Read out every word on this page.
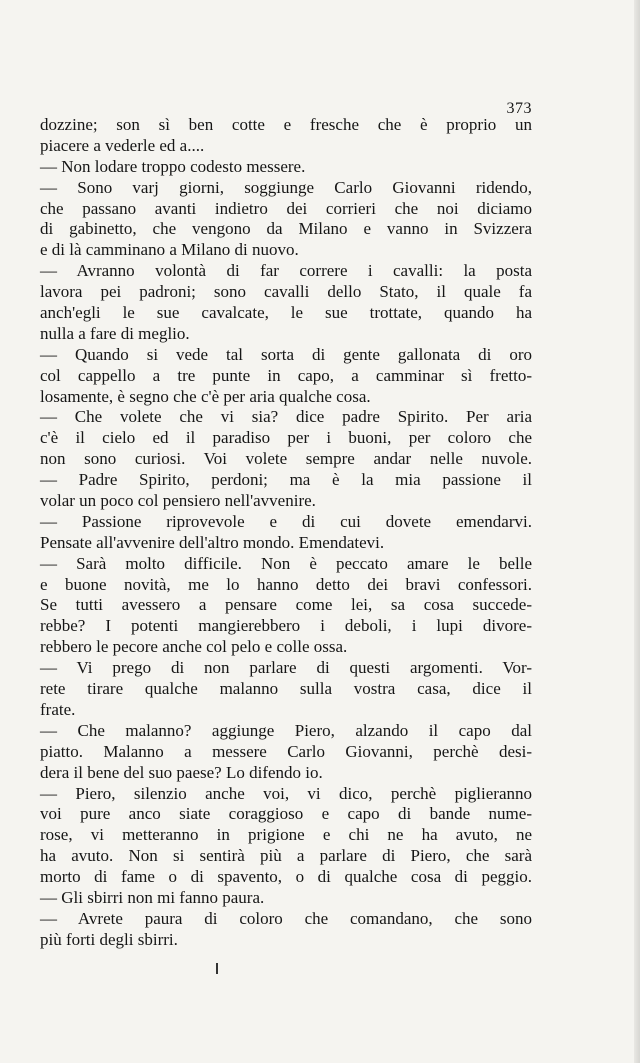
373
dozzine; son sì ben cotte e fresche che è proprio un
piacere a vederle ed a....
— Non lodare troppo codesto messere.
— Sono varj giorni, soggiunge Carlo Giovanni ridendo,
che passano avanti indietro dei corrieri che noi diciamo
di gabinetto, che vengono da Milano e vanno in Svizzera
e di là camminano a Milano di nuovo.
— Avranno volontà di far correre i cavalli: la posta
lavora pei padroni; sono cavalli dello Stato, il quale fa
anch'egli le sue cavalcate, le sue trottate, quando ha
nulla a fare di meglio.
— Quando si vede tal sorta di gente gallonata di oro
col cappello a tre punte in capo, a camminar sì fretto-
losamente, è segno che c'è per aria qualche cosa.
— Che volete che vi sia? dice padre Spirito. Per aria
c'è il cielo ed il paradiso per i buoni, per coloro che
non sono curiosi. Voi volete sempre andar nelle nuvole.
— Padre Spirito, perdoni; ma è la mia passione il
volar un poco col pensiero nell'avvenire.
— Passione riprovevole e di cui dovete emendarvi.
Pensate all'avvenire dell'altro mondo. Emendatevi.
— Sarà molto difficile. Non è peccato amare le belle
e buone novità, me lo hanno detto dei bravi confessori.
Se tutti avessero a pensare come lei, sa cosa succede-
rebbe? I potenti mangierebbero i deboli, i lupi divore-
rebbero le pecore anche col pelo e colle ossa.
— Vi prego di non parlare di questi argomenti. Vor-
rete tirare qualche malanno sulla vostra casa, dice il
frate.
— Che malanno? aggiunge Piero, alzando il capo dal
piatto. Malanno a messere Carlo Giovanni, perchè desi-
dera il bene del suo paese? Lo difendo io.
— Piero, silenzio anche voi, vi dico, perchè piglieranno
voi pure anco siate coraggioso e capo di bande nume-
rose, vi metteranno in prigione e chi ne ha avuto, ne
ha avuto. Non si sentirà più a parlare di Piero, che sarà
morto di fame o di spavento, o di qualche cosa di peggio.
— Gli sbirri non mi fanno paura.
— Avrete paura di coloro che comandano, che sono
più forti degli sbirri.
